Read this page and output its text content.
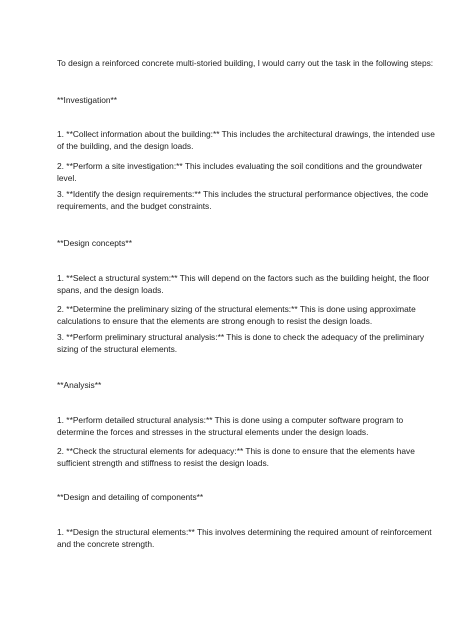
To design a reinforced concrete multi-storied building, I would carry out the task in the following steps:

**Investigation**

1. **Collect information about the building:** This includes the architectural drawings, the intended use of the building, and the design loads.

2. **Perform a site investigation:** This includes evaluating the soil conditions and the groundwater level.

3. **Identify the design requirements:** This includes the structural performance objectives, the code requirements, and the budget constraints.

**Design concepts**

1. **Select a structural system:** This will depend on the factors such as the building height, the floor spans, and the design loads.

2. **Determine the preliminary sizing of the structural elements:** This is done using approximate calculations to ensure that the elements are strong enough to resist the design loads.

3. **Perform preliminary structural analysis:** This is done to check the adequacy of the preliminary sizing of the structural elements.

**Analysis**

1. **Perform detailed structural analysis:** This is done using a computer software program to determine the forces and stresses in the structural elements under the design loads.

2. **Check the structural elements for adequacy:** This is done to ensure that the elements have sufficient strength and stiffness to resist the design loads.

**Design and detailing of components**

1. **Design the structural elements:** This involves determining the required amount of reinforcement and the concrete strength.
